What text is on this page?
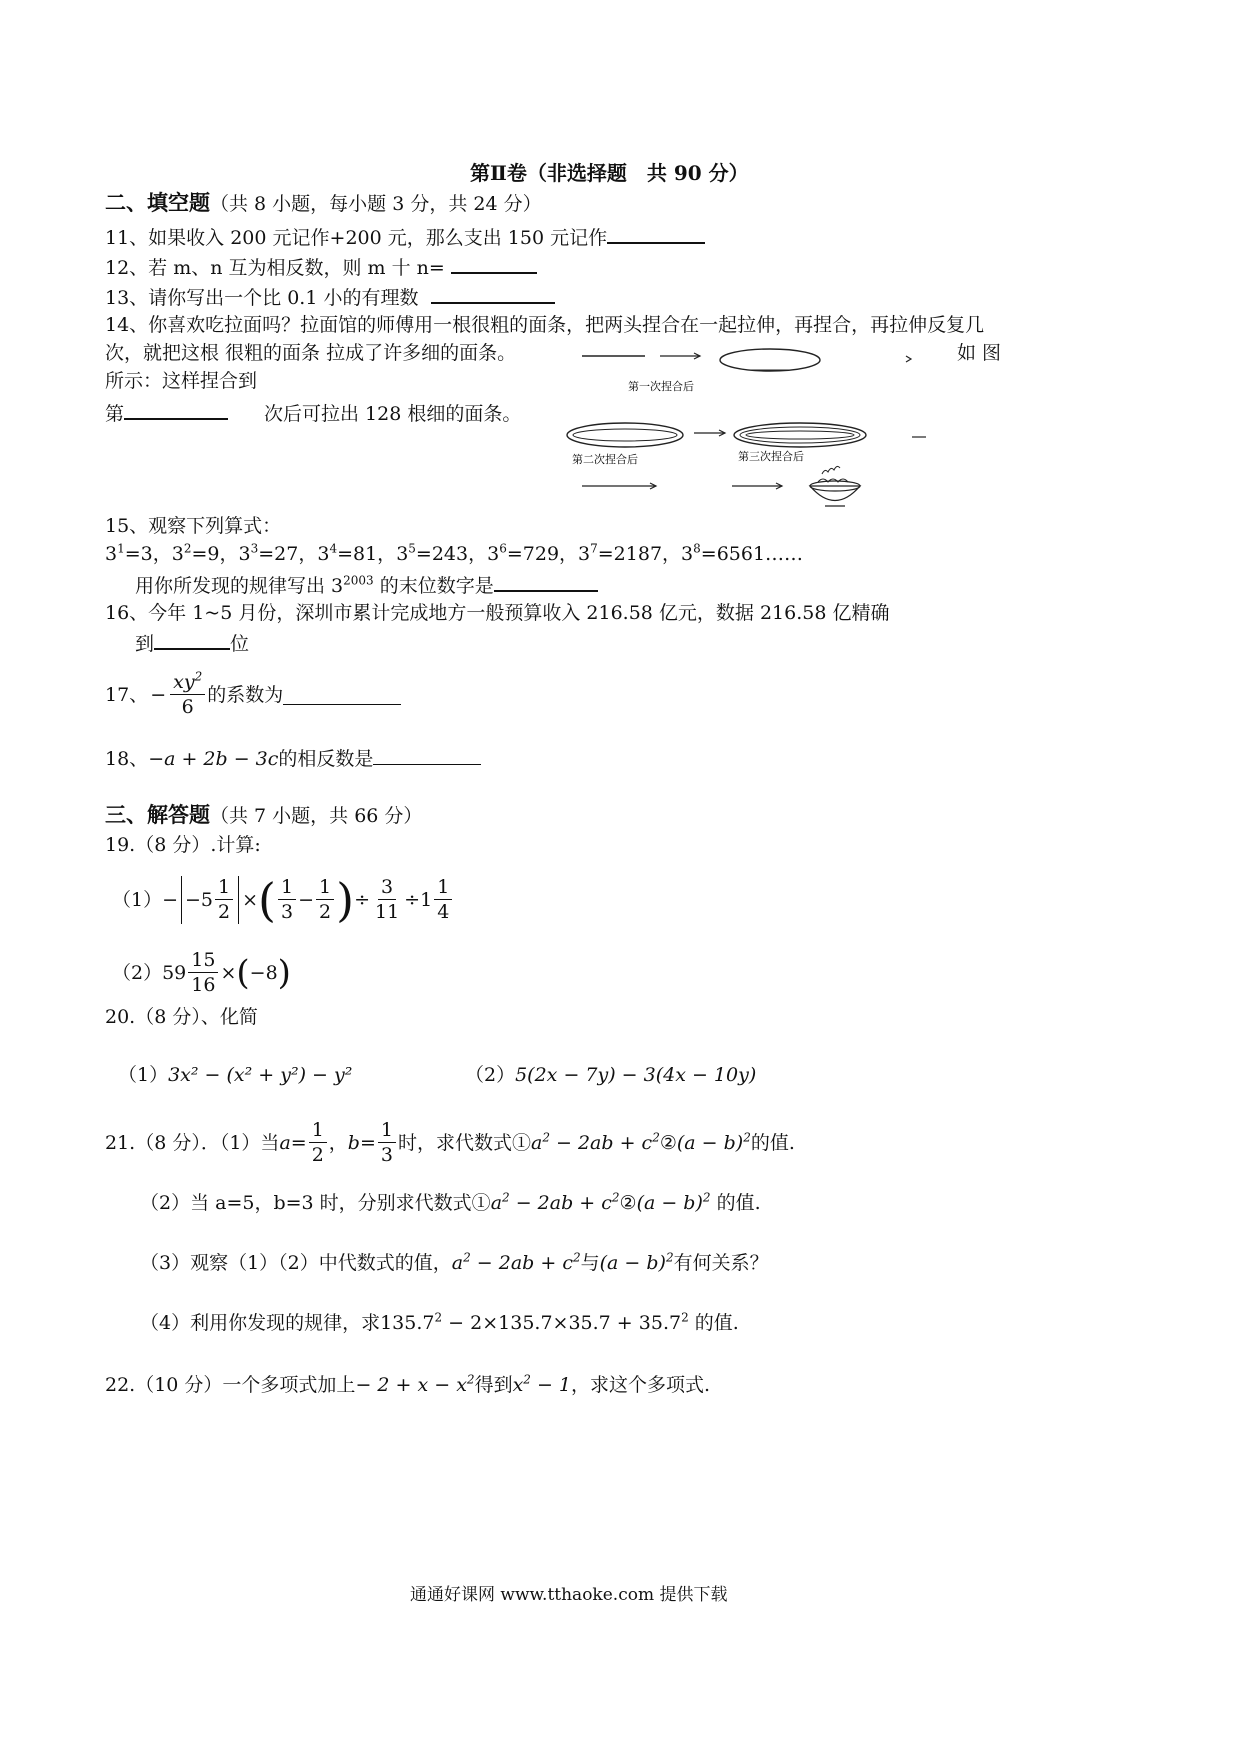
第Ⅱ卷（非选择题　共 90 分）
二、填空题（共 8 小题，每小题 3 分，共 24 分）
11、如果收入 200 元记作+200 元，那么支出 150 元记作
12、若 m、n 互为相反数，则 m 十 n=
13、请你写出一个比 0.1 小的有理数
14、你喜欢吃拉面吗？拉面馆的师傅用一根很粗的面条，把两头捏合在一起拉伸，再捏合，再拉伸反复几
次，就把这根 很粗的面条 拉成了许多细的面条。	如 图
所示：这样捏合到
第	次后可拉出 128 根细的面条。
第一次捏合后
第二次捏合后	第三次捏合后
15、观察下列算式：
$3^1=3$，$3^2=9$，$3^3=27$，$3^4=81$，$3^5=243$，$3^6=729$，$3^7=2187$，$3^8=6561\dots\dots$
用你所发现的规律写出 $3^{2003}$ 的末位数字是
16、今年 1~5 月份，深圳市累计完成地方一般预算收入 216.58 亿元，数据 216.58 亿精确
到	位
17、 − $\frac{xy^2}{6}$ 的系数为
18、−a + 2b − 3c的相反数是
三、解答题（共 7 小题，共 66 分）
19.（8 分）.计算:
$(1) - -5 \frac{1}{2}$ × ( $\frac{1}{3} - \frac{1}{2}$ ) ÷ $\frac{3}{11} \div 1 \frac{1}{4}$
（2） $59 \frac{15}{16}$ × ( −8 )
20.（8 分）、化简
（1）3x² − (x² + y²) − y²	（2）5(2x − 7y) − 3(4x − 10y)
21.（8 分）．（1）当 $a = \frac{1}{2}$ ， $b = \frac{1}{3}$ 时，求代数式① $a^2 - 2ab + c^2$ ② $(a - b)^2$ 的值.
（2）当 a=5，b=3 时，分别求代数式$①a^2 - 2ab$ + $c^2②(a - b)^2$ 的值.
（3）观察（1）（2）中代数式的值，$a^2 - 2ab + c^2$与$(a - b)^2$有何关系？
（4）利用你发现的规律，求$135.7^2 - 2\times 135.7\times 35.7 + 35.7^2$ 的值.
22.（10 分）一个多项式加上− $2 + x - x^2$得到$x^2 - 1$，求这个多项式.
通通好课网 www.tthaoke.com 提供下载
